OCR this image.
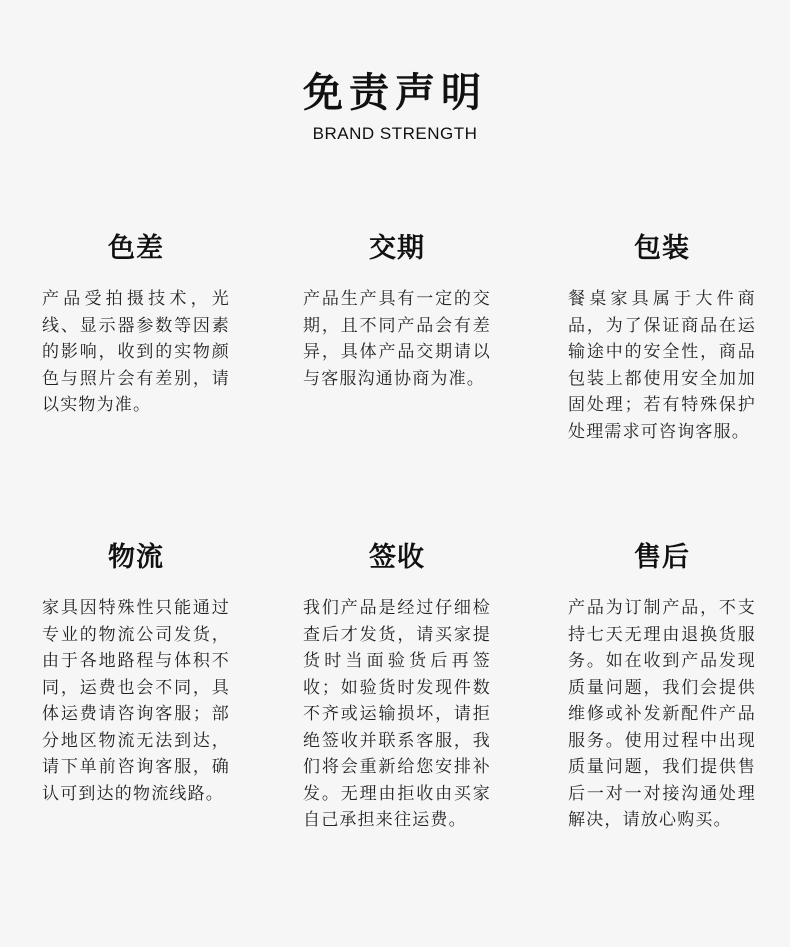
免责声明
BRAND STRENGTH
色差
产品受拍摄技术，光线、显示器参数等因素的影响，收到的实物颜色与照片会有差别，请以实物为准。
交期
产品生产具有一定的交期，且不同产品会有差异，具体产品交期请以与客服沟通协商为准。
包装
餐桌家具属于大件商品，为了保证商品在运输途中的安全性，商品包装上都使用安全加加固处理；若有特殊保护处理需求可咨询客服。
物流
家具因特殊性只能通过专业的物流公司发货，由于各地路程与体积不同，运费也会不同，具体运费请咨询客服；部分地区物流无法到达，请下单前咨询客服，确认可到达的物流线路。
签收
我们产品是经过仔细检查后才发货，请买家提货时当面验货后再签收；如验货时发现件数不齐或运输损坏，请拒绝签收并联系客服，我们将会重新给您安排补发。无理由拒收由买家自己承担来往运费。
售后
产品为订制产品，不支持七天无理由退换货服务。如在收到产品发现质量问题，我们会提供维修或补发新配件产品服务。使用过程中出现质量问题，我们提供售后一对一对接沟通处理解决，请放心购买。
